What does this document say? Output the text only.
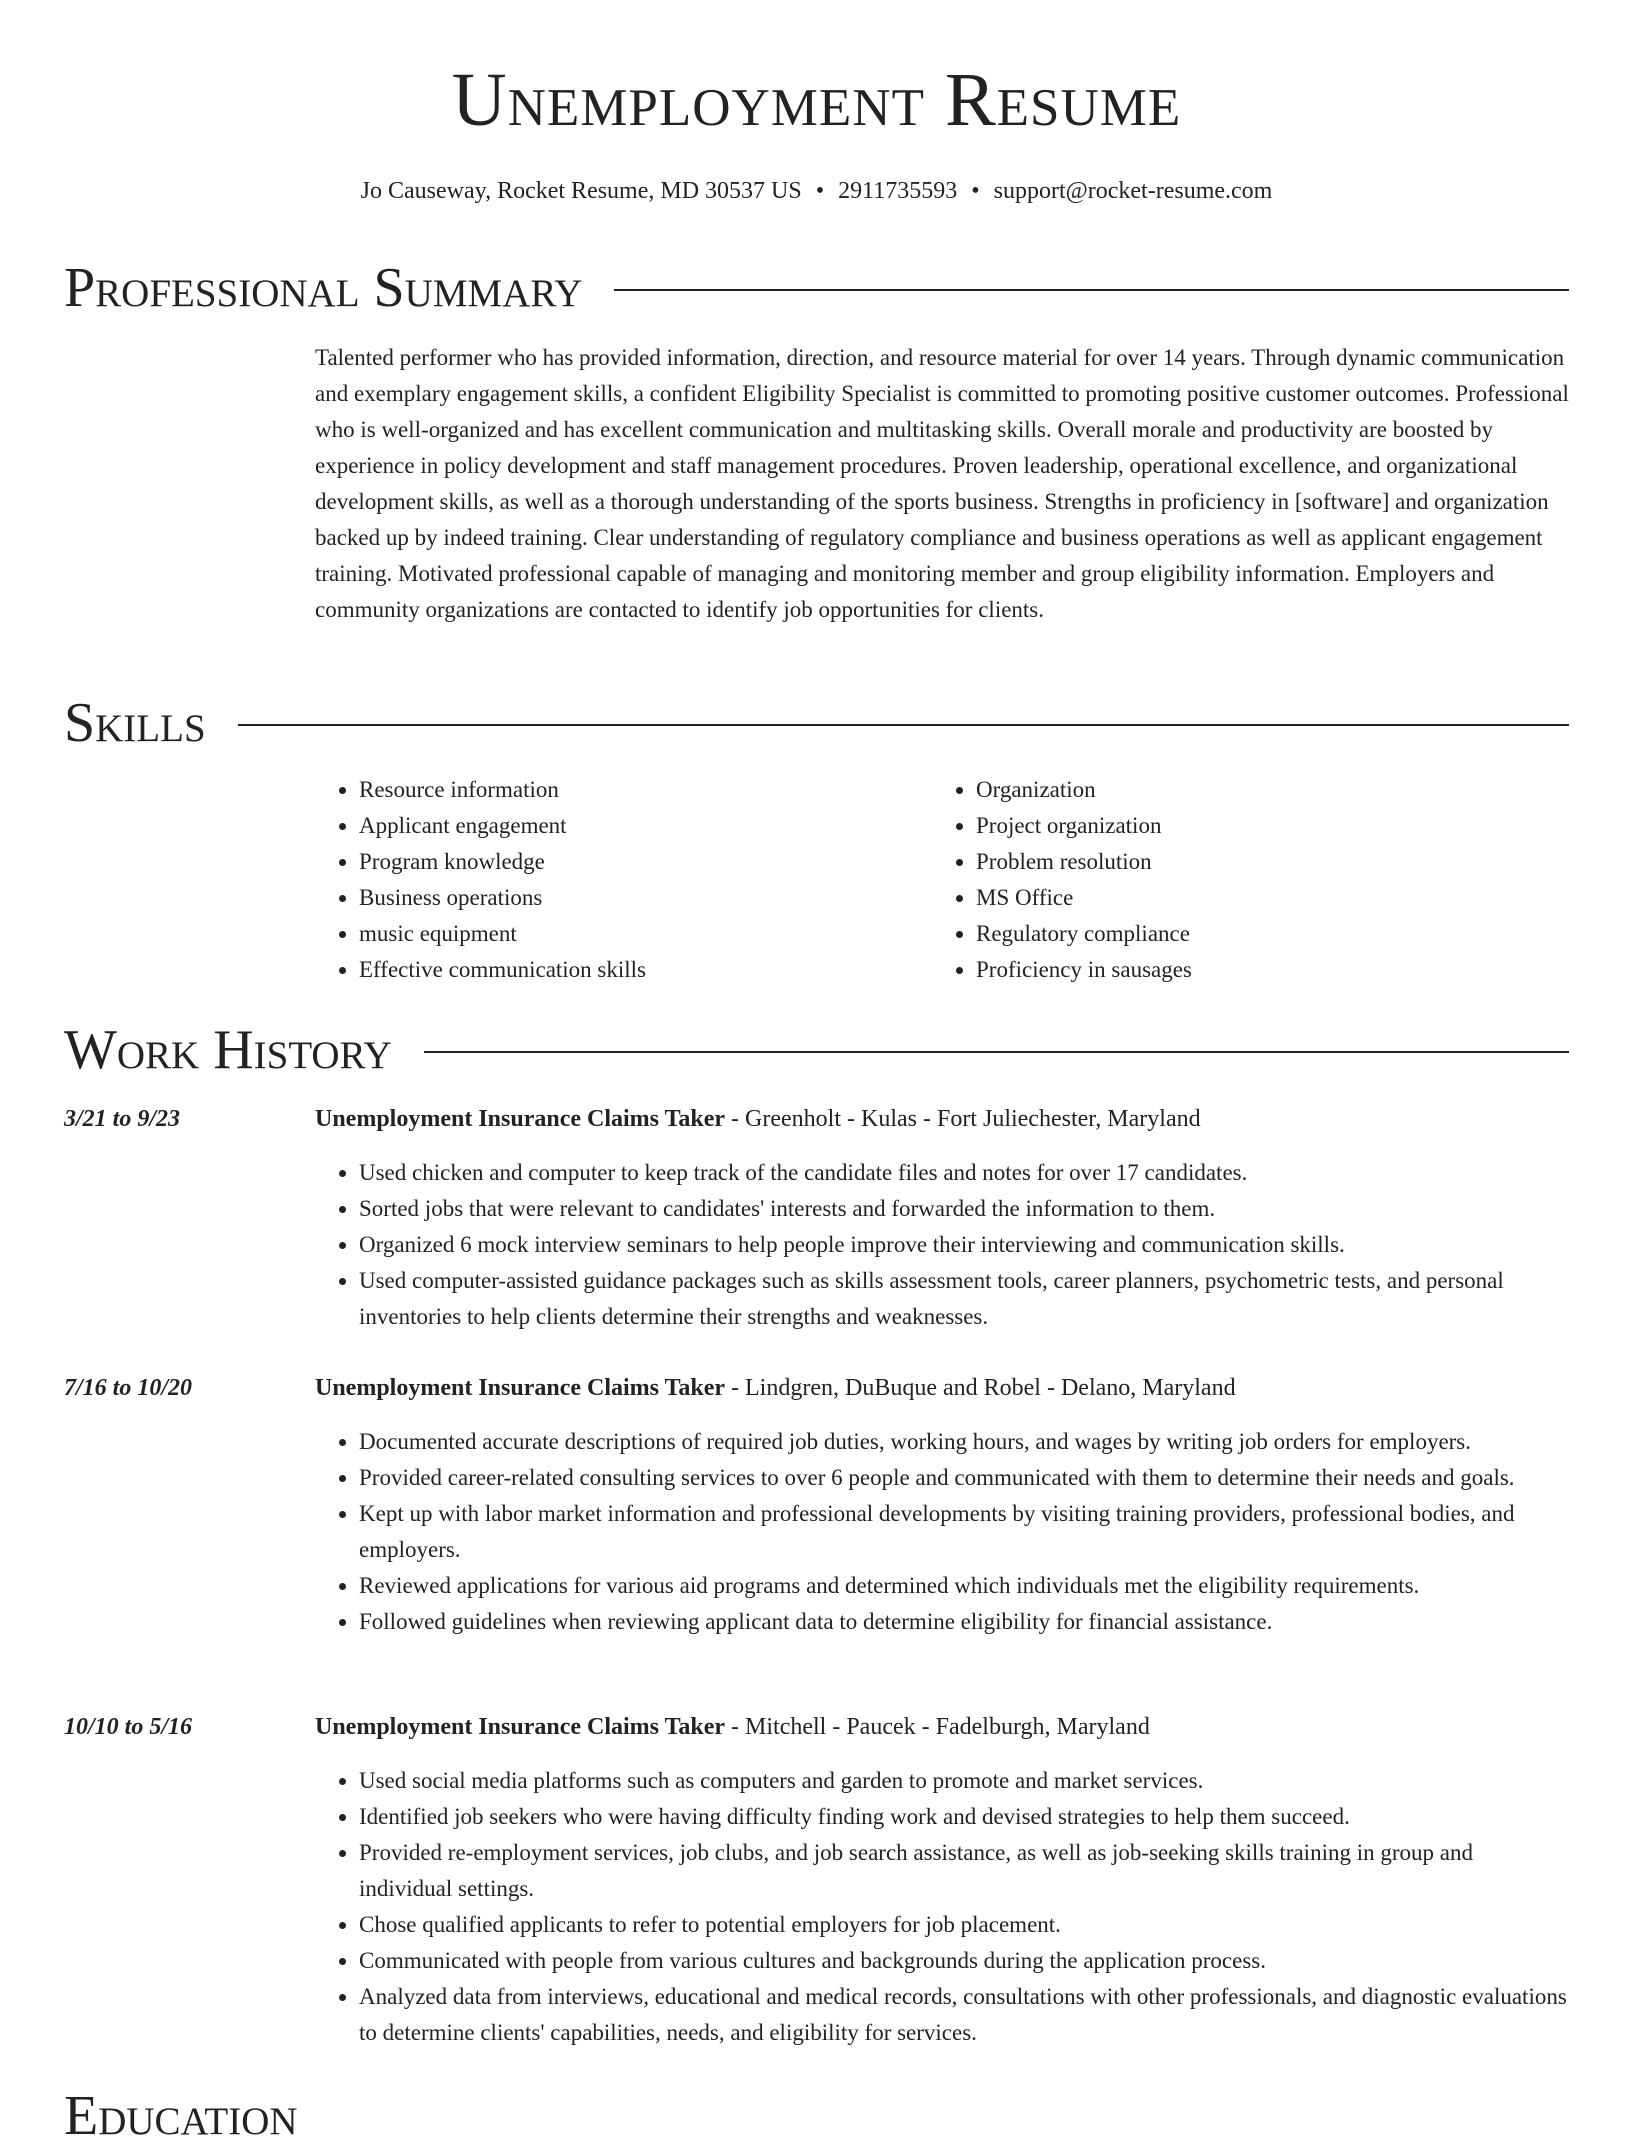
Unemployment Resume
Jo Causeway, Rocket Resume, MD 30537 US • 2911735593 • support@rocket-resume.com
Professional Summary

Talented performer who has provided information, direction, and resource material for over 14 years. Through dynamic communication and exemplary engagement skills, a confident Eligibility Specialist is committed to promoting positive customer outcomes. Professional who is well-organized and has excellent communication and multitasking skills. Overall morale and productivity are boosted by experience in policy development and staff management procedures. Proven leadership, operational excellence, and organizational development skills, as well as a thorough understanding of the sports business. Strengths in proficiency in [software] and organization backed up by indeed training. Clear understanding of regulatory compliance and business operations as well as applicant engagement training. Motivated professional capable of managing and monitoring member and group eligibility information. Employers and community organizations are contacted to identify job opportunities for clients.

Skills
• Resource information
• Applicant engagement
• Program knowledge
• Business operations
• music equipment
• Effective communication skills
• Organization
• Project organization
• Problem resolution
• MS Office
• Regulatory compliance
• Proficiency in sausages
Work History
3/21 to 9/23	Unemployment Insurance Claims Taker - Greenholt - Kulas - Fort Juliechester, Maryland
• Used chicken and computer to keep track of the candidate files and notes for over 17 candidates.
• Sorted jobs that were relevant to candidates' interests and forwarded the information to them.
• Organized 6 mock interview seminars to help people improve their interviewing and communication skills.
• Used computer-assisted guidance packages such as skills assessment tools, career planners, psychometric tests, and personal inventories to help clients determine their strengths and weaknesses.
7/16 to 10/20	Unemployment Insurance Claims Taker - Lindgren, DuBuque and Robel - Delano, Maryland
• Documented accurate descriptions of required job duties, working hours, and wages by writing job orders for employers.
• Provided career-related consulting services to over 6 people and communicated with them to determine their needs and goals.
• Kept up with labor market information and professional developments by visiting training providers, professional bodies, and employers.
• Reviewed applications for various aid programs and determined which individuals met the eligibility requirements.
• Followed guidelines when reviewing applicant data to determine eligibility for financial assistance.
10/10 to 5/16	Unemployment Insurance Claims Taker - Mitchell - Paucek - Fadelburgh, Maryland
• Used social media platforms such as computers and garden to promote and market services.
• Identified job seekers who were having difficulty finding work and devised strategies to help them succeed.
• Provided re-employment services, job clubs, and job search assistance, as well as job-seeking skills training in group and individual settings.
• Chose qualified applicants to refer to potential employers for job placement.
• Communicated with people from various cultures and backgrounds during the application process.
• Analyzed data from interviews, educational and medical records, consultations with other professionals, and diagnostic evaluations to determine clients' capabilities, needs, and eligibility for services.
Education
